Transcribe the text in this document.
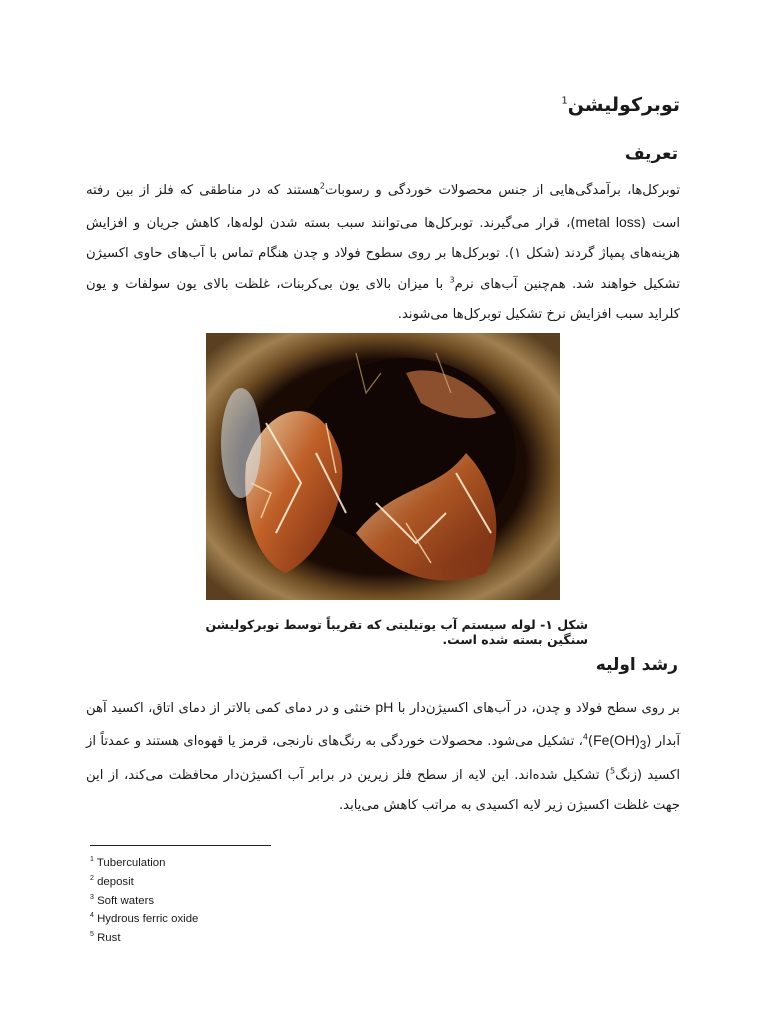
توبرکولیشن$^1$
تعریف

توبرکل‌ها، برآمدگی‌هایی از جنس محصولات خوردگی و رسوبات$^2$هستند که در مناطقی که فلز از بین رفته است (metal loss)، قرار می‌گیرند. توبرکل‌ها می‌توانند سبب بسته شدن لوله‌ها، کاهش جریان و افزایش هزینه‌های پمپاژ گردند (شکل ۱). توبرکل‌ها بر روی سطوح فولاد و چدن هنگام تماس با آب‌های حاوی اکسیژن تشکیل خواهند شد. هم‌چنین آب‌های نرم$^3$ با میزان بالای یون بی‌کربنات، غلظت بالای یون سولفات و یون کلراید سبب افزایش نرخ تشکیل توبرکل‌ها می‌شوند.

شکل ۱- لوله سیستم آب یوتیلیتی که تقریباً توسط توبرکولیشن سنگین بسته شده است.

رشد اولیه

بر روی سطح فولاد و چدن، در آب‌های اکسیژن‌دار با pH خنثی و در دمای کمی بالاتر از دمای اتاق، اکسید آهن آبدار $(Fe(OH)_3)^4،$ تشکیل می‌شود. محصولات خوردگی به رنگ‌های نارنجی، قرمز یا قهوه‌ای هستند و عمدتاً از اکسید (زنگ$^5$) تشکیل شده‌اند. این لایه از سطح فلز زیرین در برابر آب اکسیژن‌دار محافظت می‌کند، از این جهت غلظت اکسیژن زیر لایه اکسیدی به مراتب کاهش می‌یابد.

$^1$ Tuberculation
$^2$ deposit
$^3$ Soft waters
$^4$ Hydrous ferric oxide
$^5$ Rust
